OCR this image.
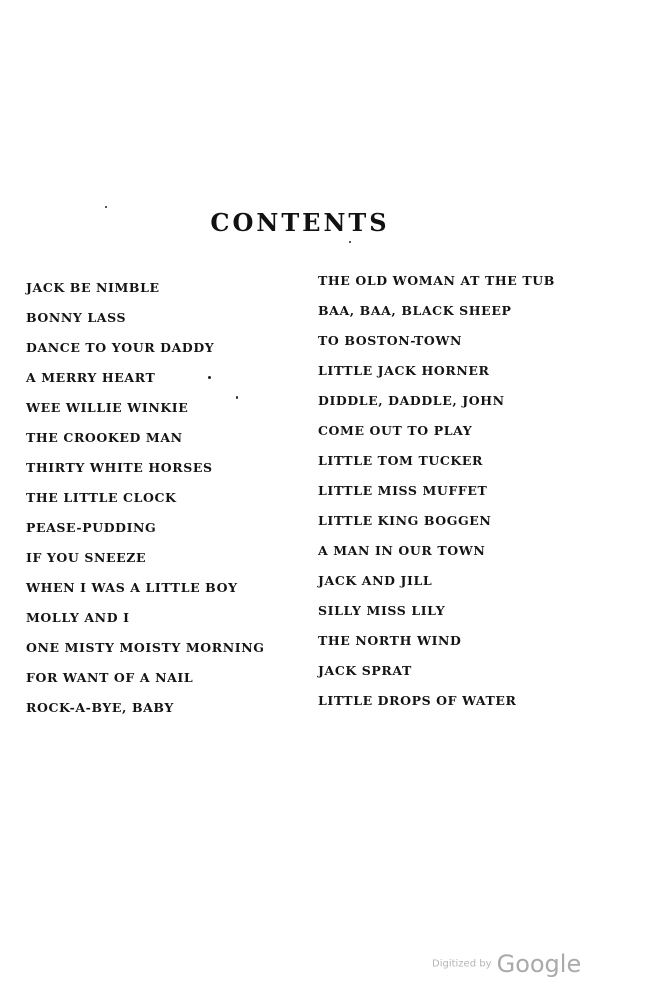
CONTENTS
JACK BE NIMBLE
BONNY LASS
DANCE TO YOUR DADDY
A MERRY HEART
WEE WILLIE WINKIE
THE CROOKED MAN
THIRTY WHITE HORSES
THE LITTLE CLOCK
PEASE-PUDDING
IF YOU SNEEZE
WHEN I WAS A LITTLE BOY
MOLLY AND I
ONE MISTY MOISTY MORNING
FOR WANT OF A NAIL
ROCK-A-BYE, BABY
THE OLD WOMAN AT THE TUB
BAA, BAA, BLACK SHEEP
TO BOSTON-TOWN
LITTLE JACK HORNER
DIDDLE, DADDLE, JOHN
COME OUT TO PLAY
LITTLE TOM TUCKER
LITTLE MISS MUFFET
LITTLE KING BOGGEN
A MAN IN OUR TOWN
JACK AND JILL
SILLY MISS LILY
THE NORTH WIND
JACK SPRAT
LITTLE DROPS OF WATER
Digitized by Google
